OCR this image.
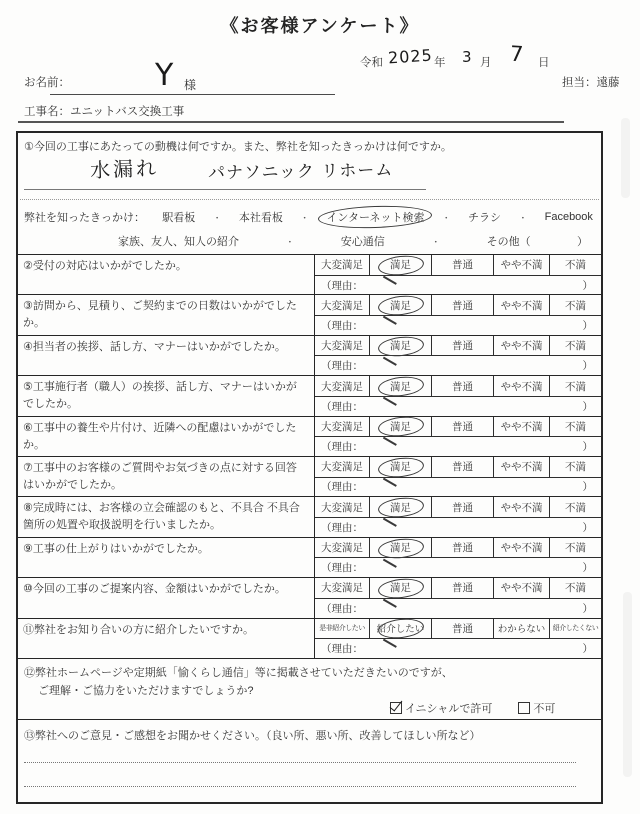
《お客様アンケート》
令和 2025 年 3 月 7 日
お名前：	Y 様	担当：遠藤
工事名：ユニットバス交換工事
①今回の工事にあたっての動機は何ですか。また、弊社を知ったきっかけは何ですか。
水漏れ	パナソニック リホーム
弊社を知ったきっかけ： 駅看板 ・ 本社看板 ・ インターネット検索 ・ チラシ ・ Facebook
家族、友人、知人の紹介	・	安心通信	・	その他（	）
②受付の対応はいかがでしたか。	大変満足	満足	普通	やや不満 不満
（理由：	）
③訪問から、見積り、ご契約までの日数はいかがでしたか。
大変満足	満足	普通	やや不満 不満
（理由：	）
④担当者の挨拶、話し方、マナーはいかがでしたか。	大変満足	満足	普通	やや不満 不満
（理由：	）
⑤工事施行者（職人）の挨拶、話し方、マナーはいかがでしたか。
大変満足	満足	普通	やや不満 不満
（理由：	）
⑥工事中の養生や片付け、近隣への配慮はいかがでしたか。
大変満足	満足	普通	やや不満 不満
（理由：	）
⑦工事中のお客様のご質問やお気づきの点に対する回答はいかがでしたか。
大変満足	満足	普通	やや不満 不満
（理由：	）
⑧完成時には、お客様の立会確認のもと、不具合 不具合箇所の処置や取扱説明を行いましたか。
大変満足	満足	普通	やや不満 不満
（理由：	）
⑨工事の仕上がりはいかがでしたか。	大変満足	満足	普通	やや不満 不満
（理由：	）
⑩今回の工事のご提案内容、金額はいかがでしたか。	大変満足	満足	普通	やや不満 不満
（理由：	）
⑪弊社をお知り合いの方に紹介したいですか。	是非紹介したい 紹介したい	普通	わからない 紹介したくない
（理由：	）
⑫弊社ホームページや定期紙「愉くらし通信」等に掲載させていただきたいのですが、
ご理解・ご協力をいただけますでしょうか?
イニシャルで許可	不可
⑬弊社へのご意見・ご感想をお聞かせください。（良い所、悪い所、改善してほしい所など）
